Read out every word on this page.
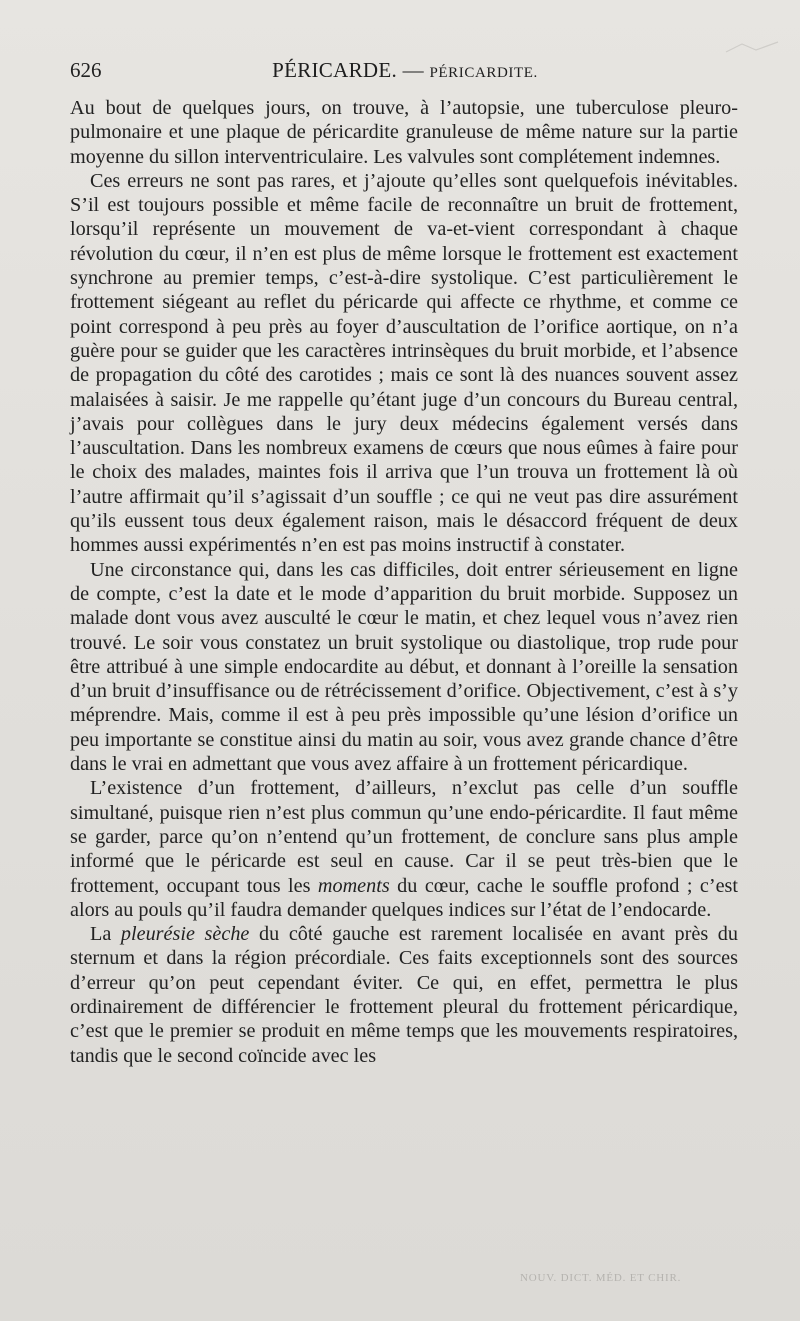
626	PÉRICARDE. — PÉRICARDITE.

Au bout de quelques jours, on trouve, à l’autopsie, une tuberculose pleuro-pulmonaire et une plaque de péricardite granuleuse de même nature sur la partie moyenne du sillon interventriculaire. Les valvules sont complétement indemnes.

Ces erreurs ne sont pas rares, et j’ajoute qu’elles sont quelquefois inévitables. S’il est toujours possible et même facile de reconnaître un bruit de frottement, lorsqu’il représente un mouvement de va-et-vient correspondant à chaque révolution du cœur, il n’en est plus de même lorsque le frottement est exactement synchrone au premier temps, c’est-à-dire systolique. C’est particulièrement le frottement siégeant au reflet du péricarde qui affecte ce rhythme, et comme ce point correspond à peu près au foyer d’auscultation de l’orifice aortique, on n’a guère pour se guider que les caractères intrinsèques du bruit morbide, et l’absence de propagation du côté des carotides ; mais ce sont là des nuances souvent assez malaisées à saisir. Je me rappelle qu’étant juge d’un concours du Bureau central, j’avais pour collègues dans le jury deux médecins également versés dans l’auscultation. Dans les nombreux examens de cœurs que nous eûmes à faire pour le choix des malades, maintes fois il arriva que l’un trouva un frottement là où l’autre affirmait qu’il s’agissait d’un souffle ; ce qui ne veut pas dire assurément qu’ils eussent tous deux également raison, mais le désaccord fréquent de deux hommes aussi expérimentés n’en est pas moins instructif à constater.

Une circonstance qui, dans les cas difficiles, doit entrer sérieusement en ligne de compte, c’est la date et le mode d’apparition du bruit morbide. Supposez un malade dont vous avez ausculté le cœur le matin, et chez lequel vous n’avez rien trouvé. Le soir vous constatez un bruit systolique ou diastolique, trop rude pour être attribué à une simple endocardite au début, et donnant à l’oreille la sensation d’un bruit d’insuffisance ou de rétrécissement d’orifice. Objectivement, c’est à s’y méprendre. Mais, comme il est à peu près impossible qu’une lésion d’orifice un peu importante se constitue ainsi du matin au soir, vous avez grande chance d’être dans le vrai en admettant que vous avez affaire à un frottement péricardique.

L’existence d’un frottement, d’ailleurs, n’exclut pas celle d’un souffle simultané, puisque rien n’est plus commun qu’une endo-péricardite. Il faut même se garder, parce qu’on n’entend qu’un frottement, de conclure sans plus ample informé que le péricarde est seul en cause. Car il se peut très-bien que le frottement, occupant tous les moments du cœur, cache le souffle profond ; c’est alors au pouls qu’il faudra demander quelques indices sur l’état de l’endocarde.

La pleurésie sèche du côté gauche est rarement localisée en avant près du sternum et dans la région précordiale. Ces faits exceptionnels sont des sources d’erreur qu’on peut cependant éviter. Ce qui, en effet, permettra le plus ordinairement de différencier le frottement pleural du frottement péricardique, c’est que le premier se produit en même temps que les mouvements respiratoires, tandis que le second coïncide avec les

NOUV. DICT. MÉD. ET CHIR.
